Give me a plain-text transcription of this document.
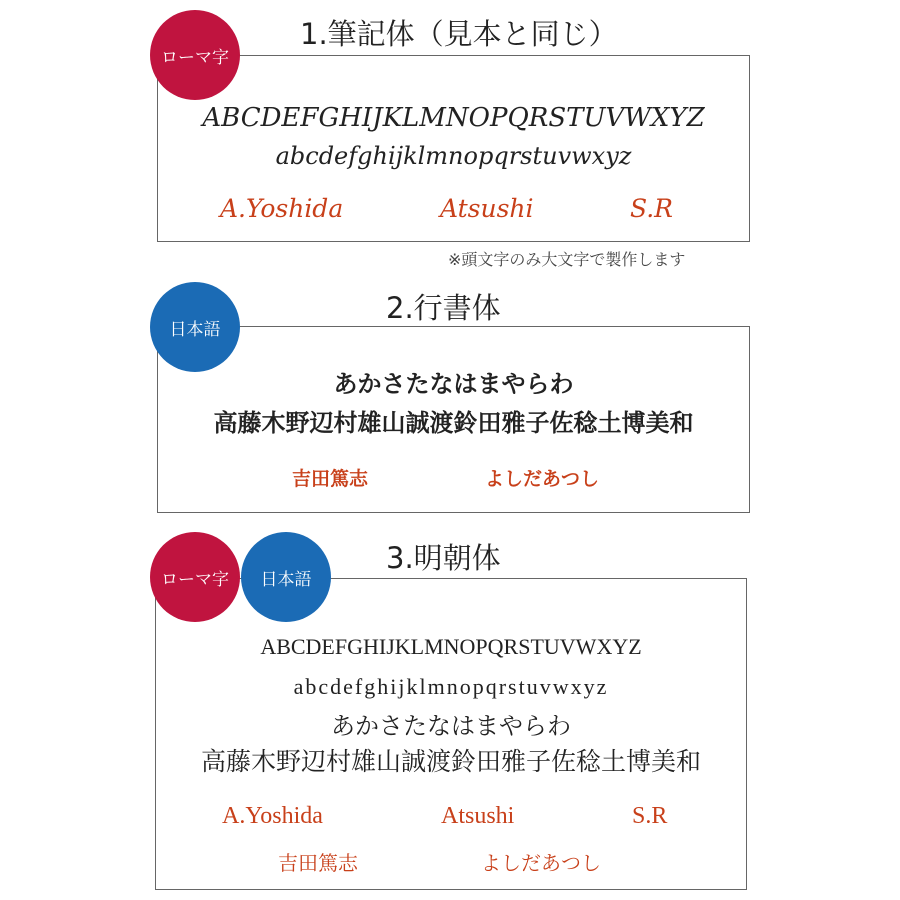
1.筆記体（見本と同じ）
ABCDEFGHIJKLMNOPQRSTUVWXYZ
abcdefghijklmnopqrstuvwxyz
A.Yoshida	Atsushi	S.R
ローマ字
※頭文字のみ大文字で製作します
2.行書体
あかさたなはまやらわ
高藤木野辺村雄山誠渡鈴田雅子佐稔土博美和
吉田篤志	よしだあつし
日本語
3.明朝体
ABCDEFGHIJKLMNOPQRSTUVWXYZ
abcdefghijklmnopqrstuvwxyz
あかさたなはまやらわ
高藤木野辺村雄山誠渡鈴田雅子佐稔土博美和
A.Yoshida	Atsushi	S.R
吉田篤志	よしだあつし
ローマ字	日本語
